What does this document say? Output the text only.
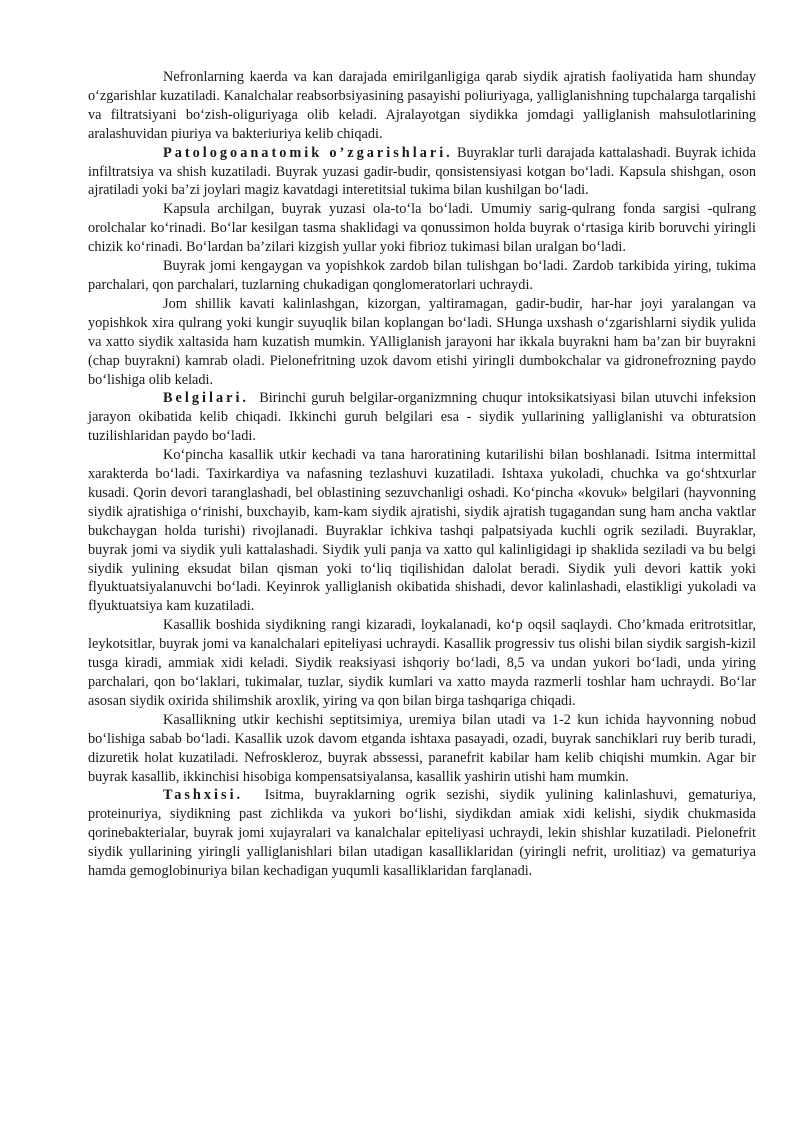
Nefronlarning kaerda va kan darajada emirilganligiga qarab siydik ajratish faoliyatida ham shunday o‘zgarishlar kuzatiladi. Kanalchalar reabsorbsiyasining pasayishi poliuriyaga, yalliglanishning tupchalarga tarqalishi va filtratsiyani bo‘zish-oliguriyaga olib keladi. Ajralayotgan siydikka jomdagi yalliglanish mahsulotlarining aralashuvidan piuriya va bakteriuriya kelib chiqadi.

Patologoanatomik o’zgarishlari. Buyraklar turli darajada kattalashadi. Buyrak ichida infiltratsiya va shish kuzatiladi. Buyrak yuzasi gadir-budir, qonsistensiyasi kotgan bo‘ladi. Kapsula shishgan, oson ajratiladi yoki ba’zi joylari magiz kavatdagi interetitsial tukima bilan kushilgan bo‘ladi.

Kapsula archilgan, buyrak yuzasi ola-to‘la bo‘ladi. Umumiy sarig-qulrang fonda sargisi -qulrang orolchalar ko‘rinadi. Bo‘lar kesilgan tasma shaklidagi va qonussimon holda buyrak o‘rtasiga kirib boruvchi yiringli chizik ko‘rinadi. Bo‘lardan ba’zilari kizgish yullar yoki fibrioz tukimasi bilan uralgan bo‘ladi.

Buyrak jomi kengaygan va yopishkok zardob bilan tulishgan bo‘ladi. Zardob tarkibida yiring, tukima parchalari, qon parchalari, tuzlarning chukadigan qonglomeratorlari uchraydi.

Jom shillik kavati kalinlashgan, kizorgan, yaltiramagan, gadir-budir, har-har joyi yaralangan va yopishkok xira qulrang yoki kungir suyuqlik bilan koplangan bo‘ladi. SHunga uxshash o‘zgarishlarni siydik yulida va xatto siydik xaltasida ham kuzatish mumkin. YAlliglanish jarayoni har ikkala buyrakni ham ba’zan bir buyrakni (chap buyrakni) kamrab oladi. Pielonefritning uzok davom etishi yiringli dumbokchalar va gidronefrozning paydo bo‘lishiga olib keladi.

Belgilari. Birinchi guruh belgilar-organizmning chuqur intoksikatsiyasi bilan utuvchi infeksion jarayon okibatida kelib chiqadi. Ikkinchi guruh belgilari esa - siydik yullarining yalliglanishi va obturatsion tuzilishlaridan paydo bo‘ladi.

Ko‘pincha kasallik utkir kechadi va tana haroratining kutarilishi bilan boshlanadi. Isitma intermittal xarakterda bo‘ladi. Taxirkardiya va nafasning tezlashuvi kuzatiladi. Ishtaxa yukoladi, chuchka va go‘shtxurlar kusadi. Qorin devori taranglashadi, bel oblastining sezuvchanligi oshadi. Ko‘pincha «kovuk» belgilari (hayvonning siydik ajratishiga o‘rinishi, buxchayib, kam-kam siydik ajratishi, siydik ajratish tugagandan sung ham ancha vaktlar bukchaygan holda turishi) rivojlanadi. Buyraklar ichkiva tashqi palpatsiyada kuchli ogrik seziladi. Buyraklar, buyrak jomi va siydik yuli kattalashadi. Siydik yuli panja va xatto qul kalinligidagi ip shaklida seziladi va bu belgi siydik yulining eksudat bilan qisman yoki to‘liq tiqilishidan dalolat beradi. Siydik yuli devori kattik yoki flyuktuatsiyalanuvchi bo‘ladi. Keyinrok yalliglanish okibatida shishadi, devor kalinlashadi, elastikligi yukoladi va flyuktuatsiya kam kuzatiladi.

Kasallik boshida siydikning rangi kizaradi, loykalanadi, ko‘p oqsil saqlaydi. Cho’kmada eritrotsitlar, leykotsitlar, buyrak jomi va kanalchalari epiteliyasi uchraydi. Kasallik progressiv tus olishi bilan siydik sargish-kizil tusga kiradi, ammiak xidi keladi. Siydik reaksiyasi ishqoriy bo‘ladi, 8,5 va undan yukori bo‘ladi, unda yiring parchalari, qon bo‘laklari, tukimalar, tuzlar, siydik kumlari va xatto mayda razmerli toshlar ham uchraydi. Bo‘lar asosan siydik oxirida shilimshik aroxlik, yiring va qon bilan birga tashqariga chiqadi.

Kasallikning utkir kechishi septitsimiya, uremiya bilan utadi va 1-2 kun ichida hayvonning nobud bo‘lishiga sabab bo‘ladi. Kasallik uzok davom etganda ishtaxa pasayadi, ozadi, buyrak sanchiklari ruy berib turadi, dizuretik holat kuzatiladi. Nefroskleroz, buyrak abssessi, paranefrit kabilar ham kelib chiqishi mumkin. Agar bir buyrak kasallib, ikkinchisi hisobiga kompensatsiyalansa, kasallik yashirin utishi ham mumkin.

Tashxisi. Isitma, buyraklarning ogrik sezishi, siydik yulining kalinlashuvi, gematuriya, proteinuriya, siydikning past zichlikda va yukori bo‘lishi, siydikdan amiak xidi kelishi, siydik chukmasida qorinebakterialar, buyrak jomi xujayralari va kanalchalar epiteliyasi uchraydi, lekin shishlar kuzatiladi. Pielonefrit siydik yullarining yiringli yalliglanishlari bilan utadigan kasalliklaridan (yiringli nefrit, urolitiaz) va gematuriya hamda gemoglobinuriya bilan kechadigan yuqumli kasalliklaridan farqlanadi.
